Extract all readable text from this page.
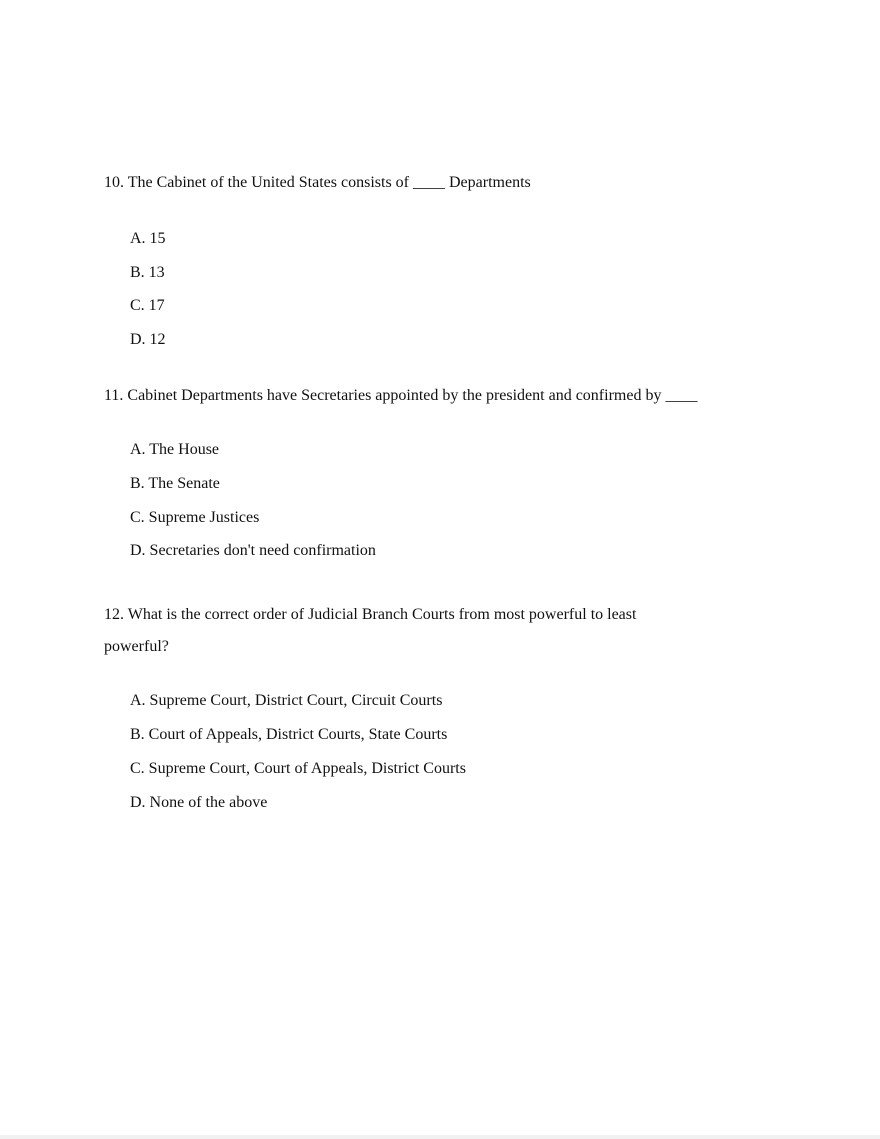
10. The Cabinet of the United States consists of ____ Departments
A. 15
B. 13
C. 17
D. 12
11. Cabinet Departments have Secretaries appointed by the president and confirmed by ____
A. The House
B. The Senate
C. Supreme Justices
D. Secretaries don't need confirmation
12. What is the correct order of Judicial Branch Courts from most powerful to least powerful?
A. Supreme Court, District Court, Circuit Courts
B. Court of Appeals, District Courts, State Courts
C. Supreme Court, Court of Appeals, District Courts
D. None of the above
